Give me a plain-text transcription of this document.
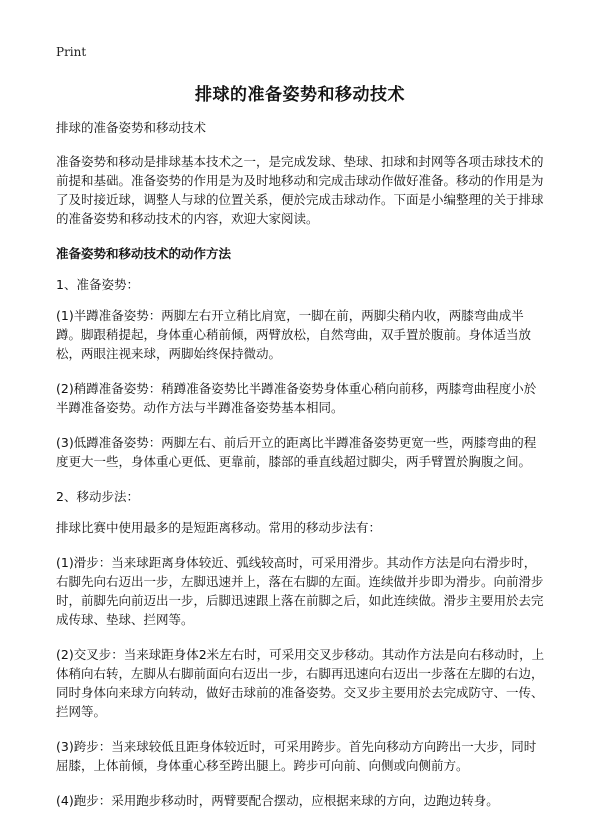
Print
排球的准备姿势和移动技术

排球的准备姿势和移动技术

准备姿势和移动是排球基本技术之一，是完成发球、垫球、扣球和封网等各项击球技术的前提和基础。准备姿势的作用是为及时地移动和完成击球动作做好准备。移动的作用是为了及时接近球，调整人与球的位置关系，便於完成击球动作。下面是小编整理的关于排球的准备姿势和移动技术的内容，欢迎大家阅读。

准备姿势和移动技术的动作方法

1、准备姿势：

(1)半蹲准备姿势：两脚左右开立稍比肩宽，一脚在前，两脚尖稍内收，两膝弯曲成半蹲。脚跟稍提起，身体重心稍前倾，两臂放松，自然弯曲，双手置於腹前。身体适当放松，两眼注视来球，两脚始终保持微动。

(2)稍蹲准备姿势：稍蹲准备姿势比半蹲准备姿势身体重心稍向前移，两膝弯曲程度小於半蹲准备姿势。动作方法与半蹲准备姿势基本相同。

(3)低蹲准备姿势：两脚左右、前后开立的距离比半蹲准备姿势更宽一些，两膝弯曲的程度更大一些，身体重心更低、更靠前，膝部的垂直线超过脚尖，两手臂置於胸腹之间。

2、移动步法：

排球比赛中使用最多的是短距离移动。常用的移动步法有：

(1)滑步：当来球距离身体较近、弧线较高时，可采用滑步。其动作方法是向右滑步时，右脚先向右迈出一步，左脚迅速并上，落在右脚的左面。连续做并步即为滑步。向前滑步时，前脚先向前迈出一步，后脚迅速跟上落在前脚之后，如此连续做。滑步主要用於去完成传球、垫球、拦网等。

(2)交叉步：当来球距身体2米左右时，可采用交叉步移动。其动作方法是向右移动时，上体稍向右转，左脚从右脚前面向右迈出一步，右脚再迅速向右迈出一步落在左脚的右边，同时身体向来球方向转动，做好击球前的准备姿势。交叉步主要用於去完成防守、一传、拦网等。

(3)跨步：当来球较低且距身体较近时，可采用跨步。首先向移动方向跨出一大步，同时屈膝，上体前倾，身体重心移至跨出腿上。跨步可向前、向侧或向侧前方。

(4)跑步：采用跑步移动时，两臂要配合摆动，应根据来球的方向，边跑边转身。
